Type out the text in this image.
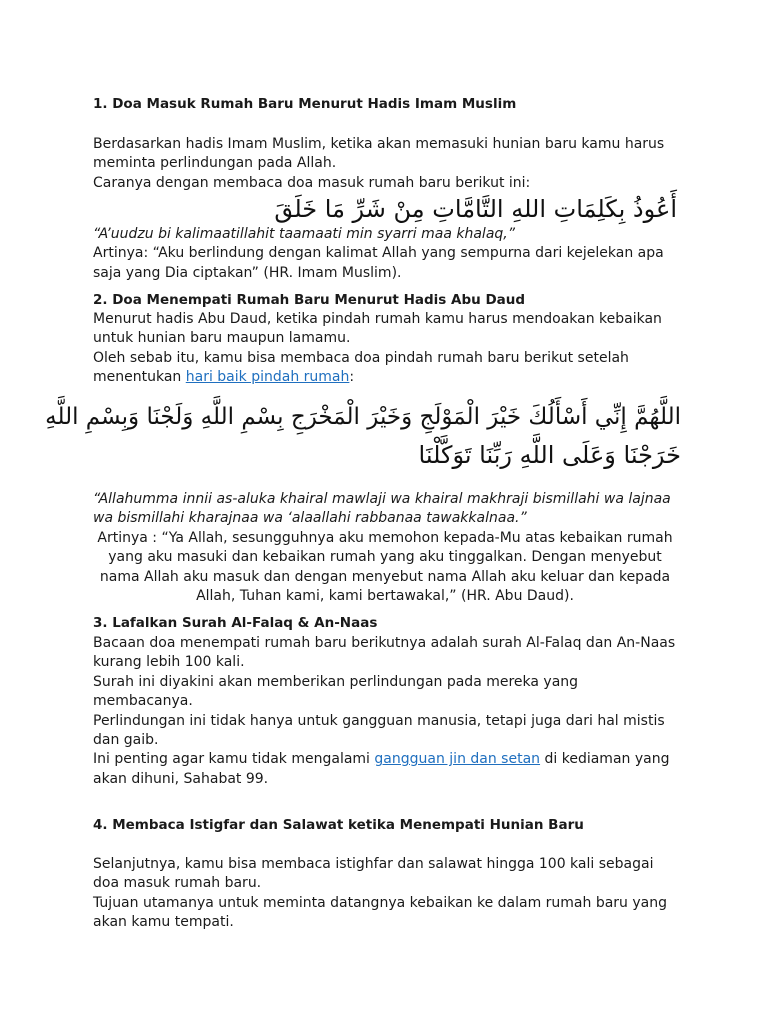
1. Doa Masuk Rumah Baru Menurut Hadis Imam Muslim

Berdasarkan hadis Imam Muslim, ketika akan memasuki hunian baru kamu harus meminta perlindungan pada Allah.

Caranya dengan membaca doa masuk rumah baru berikut ini:

أَعُوذُ بِكَلِمَاتِ اللهِ التَّامَّاتِ مِنْ شَرِّ مَا خَلَقَ

“A’uudzu bi kalimaatillahit taamaati min syarri maa khalaq,”

Artinya: “Aku berlindung dengan kalimat Allah yang sempurna dari kejelekan apa saja yang Dia ciptakan” (HR. Imam Muslim).

2. Doa Menempati Rumah Baru Menurut Hadis Abu Daud

Menurut hadis Abu Daud, ketika pindah rumah kamu harus mendoakan kebaikan untuk hunian baru maupun lamamu.

Oleh sebab itu, kamu bisa membaca doa pindah rumah baru berikut setelah menentukan hari baik pindah rumah:

اللَّهُمَّ إِنِّي أَسْأَلُكَ خَيْرَ الْمَوْلَجِ وَخَيْرَ الْمَخْرَجِ بِسْمِ اللَّهِ وَلَجْنَا وَبِسْمِ اللَّهِ
خَرَجْنَا وَعَلَى اللَّهِ رَبِّنَا تَوَكَّلْنَا

“Allahumma innii as-aluka khairal mawlaji wa khairal makhraji bismillahi wa lajnaa wa bismillahi kharajnaa wa ‘alaallahi rabbanaa tawakkalnaa.”

Artinya : “Ya Allah, sesungguhnya aku memohon kepada-Mu atas kebaikan rumah yang aku masuki dan kebaikan rumah yang aku tinggalkan. Dengan menyebut nama Allah aku masuk dan dengan menyebut nama Allah aku keluar dan kepada Allah, Tuhan kami, kami bertawakal,” (HR. Abu Daud).

3. Lafalkan Surah Al-Falaq & An-Naas

Bacaan doa menempati rumah baru berikutnya adalah surah Al-Falaq dan An-Naas kurang lebih 100 kali.

Surah ini diyakini akan memberikan perlindungan pada mereka yang membacanya.

Perlindungan ini tidak hanya untuk gangguan manusia, tetapi juga dari hal mistis dan gaib.

Ini penting agar kamu tidak mengalami gangguan jin dan setan di kediaman yang akan dihuni, Sahabat 99.

4. Membaca Istigfar dan Salawat ketika Menempati Hunian Baru

Selanjutnya, kamu bisa membaca istighfar dan salawat hingga 100 kali sebagai doa masuk rumah baru.

Tujuan utamanya untuk meminta datangnya kebaikan ke dalam rumah baru yang akan kamu tempati.
